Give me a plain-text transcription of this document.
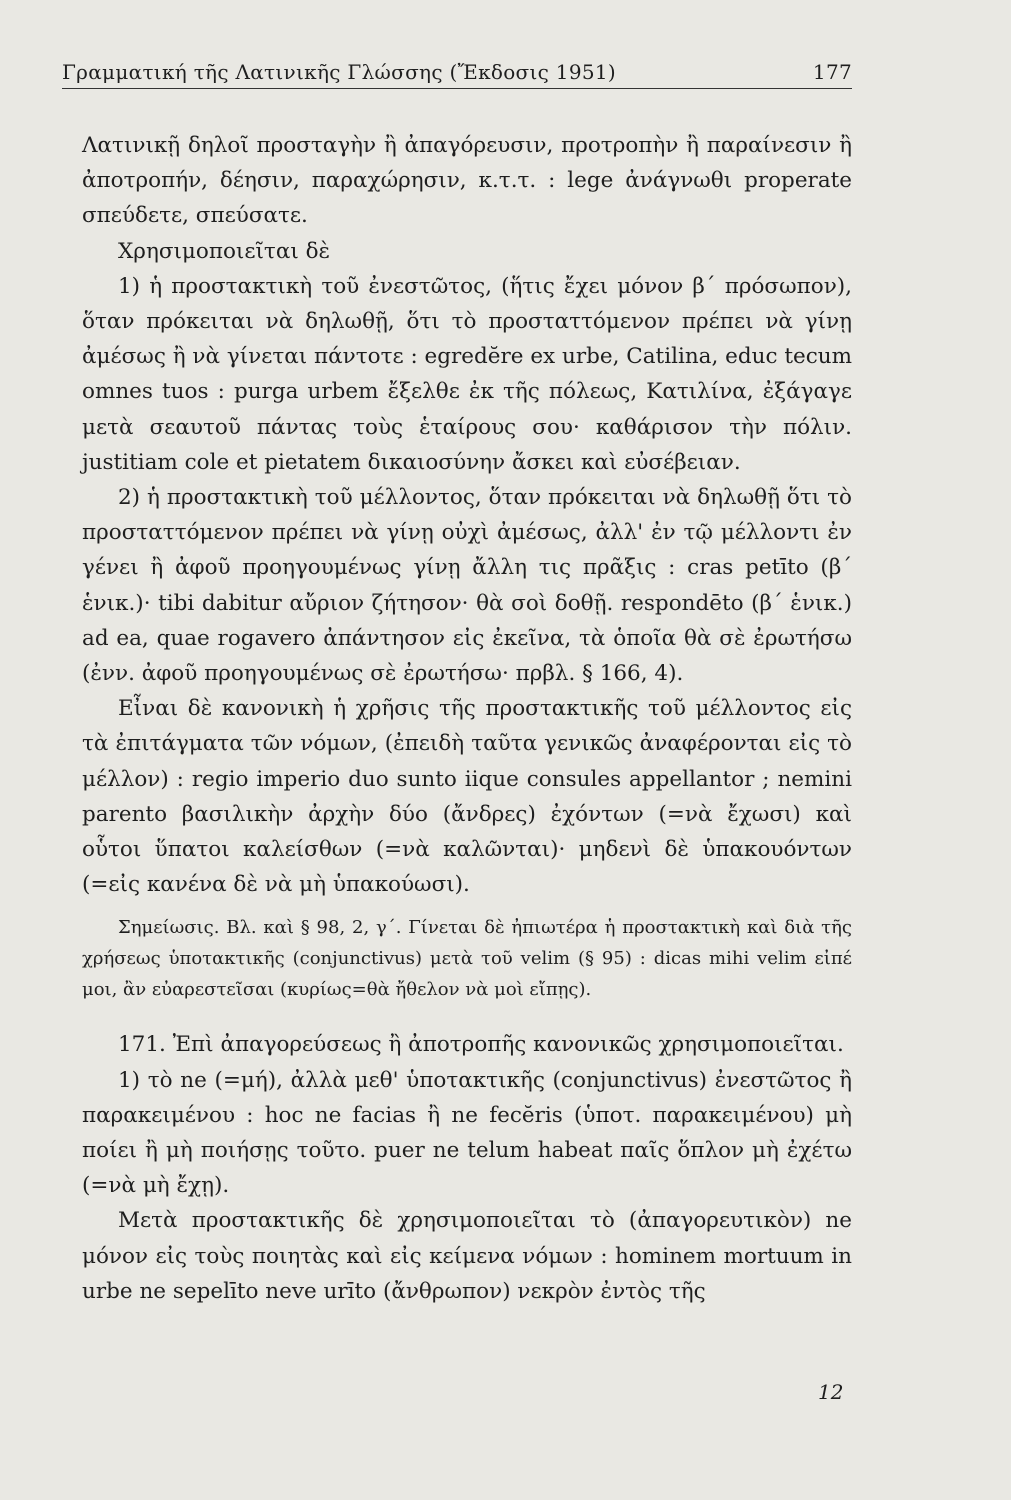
Γραμματική τῆς Λατινικῆς Γλώσσης (Ἔκδοσις 1951)	177

Λατινικῇ δηλοῖ προσταγὴν ἢ ἀπαγόρευσιν, προτροπὴν ἢ παραίνεσιν ἢ ἀποτροπήν, δέησιν, παραχώρησιν, κ.τ.τ. : lege ἀνάγνωθι properate σπεύδετε, σπεύσατε.

Χρησιμοποιεῖται δὲ

1) ἡ προστακτικὴ τοῦ ἐνεστῶτος, (ἥτις ἔχει μόνον β΄ πρόσωπον), ὅταν πρόκειται νὰ δηλωθῇ, ὅτι τὸ προσταττόμενον πρέπει νὰ γίνῃ ἀμέσως ἢ νὰ γίνεται πάντοτε : egredĕre ex urbe, Catilina, educ tecum omnes tuos : purga urbem ἔξελθε ἐκ τῆς πόλεως, Κατιλίνα, ἐξάγαγε μετὰ σεαυτοῦ πάντας τοὺς ἑταίρους σου· καθάρισον τὴν πόλιν. justitiam cole et pietatem δικαιοσύνην ἄσκει καὶ εὐσέβειαν.

2) ἡ προστακτικὴ τοῦ μέλλοντος, ὅταν πρόκειται νὰ δηλωθῇ ὅτι τὸ προσταττόμενον πρέπει νὰ γίνῃ οὐχὶ ἀμέσως, ἀλλ' ἐν τῷ μέλλοντι ἐν γένει ἢ ἀφοῦ προηγουμένως γίνῃ ἄλλη τις πρᾶξις : cras petīto (β΄ ἑνικ.)· tibi dabitur αὔριον ζήτησον· θὰ σοὶ δοθῇ. respondēto (β΄ ἑνικ.) ad ea, quae rogavero ἀπάντησον εἰς ἐκεῖνα, τὰ ὁποῖα θὰ σὲ ἐρωτήσω (ἐνν. ἀφοῦ προηγουμένως σὲ ἐρωτήσω· πρβλ. § 166, 4).

Εἶναι δὲ κανονικὴ ἡ χρῆσις τῆς προστακτικῆς τοῦ μέλλοντος εἰς τὰ ἐπιτάγματα τῶν νόμων, (ἐπειδὴ ταῦτα γενικῶς ἀναφέρονται εἰς τὸ μέλλον) : regio imperio duo sunto iique consules appellantor ; nemini parento βασιλικὴν ἀρχὴν δύο (ἄνδρες) ἐχόντων (=νὰ ἔχωσι) καὶ οὗτοι ὕπατοι καλείσθων (=νὰ καλῶνται)· μηδενὶ δὲ ὑπακουόντων (=εἰς κανένα δὲ νὰ μὴ ὑπακούωσι).

Σημείωσις. Βλ. καὶ § 98, 2, γ΄. Γίνεται δὲ ἠπιωτέρα ἡ προστακτικὴ καὶ διὰ τῆς χρήσεως ὑποτακτικῆς (conjunctivus) μετὰ τοῦ velim (§ 95) : dicas mihi velim εἰπέ μοι, ἂν εὐαρεστεῖσαι (κυρίως=θὰ ἤθελον νὰ μοὶ εἴπῃς).

171. Ἐπὶ ἀπαγορεύσεως ἢ ἀποτροπῆς κανονικῶς χρησιμοποιεῖται.

1) τὸ ne (=μή), ἀλλὰ μεθ' ὑποτακτικῆς (conjunctivus) ἐνεστῶτος ἢ παρακειμένου : hoc ne facias ἢ ne fecĕris (ὑποτ. παρακειμένου) μὴ ποίει ἢ μὴ ποιήσῃς τοῦτο. puer ne telum habeat παῖς ὅπλον μὴ ἐχέτω (=νὰ μὴ ἔχῃ).

Μετὰ προστακτικῆς δὲ χρησιμοποιεῖται τὸ (ἀπαγορευτικὸν) ne μόνον εἰς τοὺς ποιητὰς καὶ εἰς κείμενα νόμων : hominem mortuum in urbe ne sepelīto neve urīto (ἄνθρωπον) νεκρὸν ἐντὸς τῆς

12
